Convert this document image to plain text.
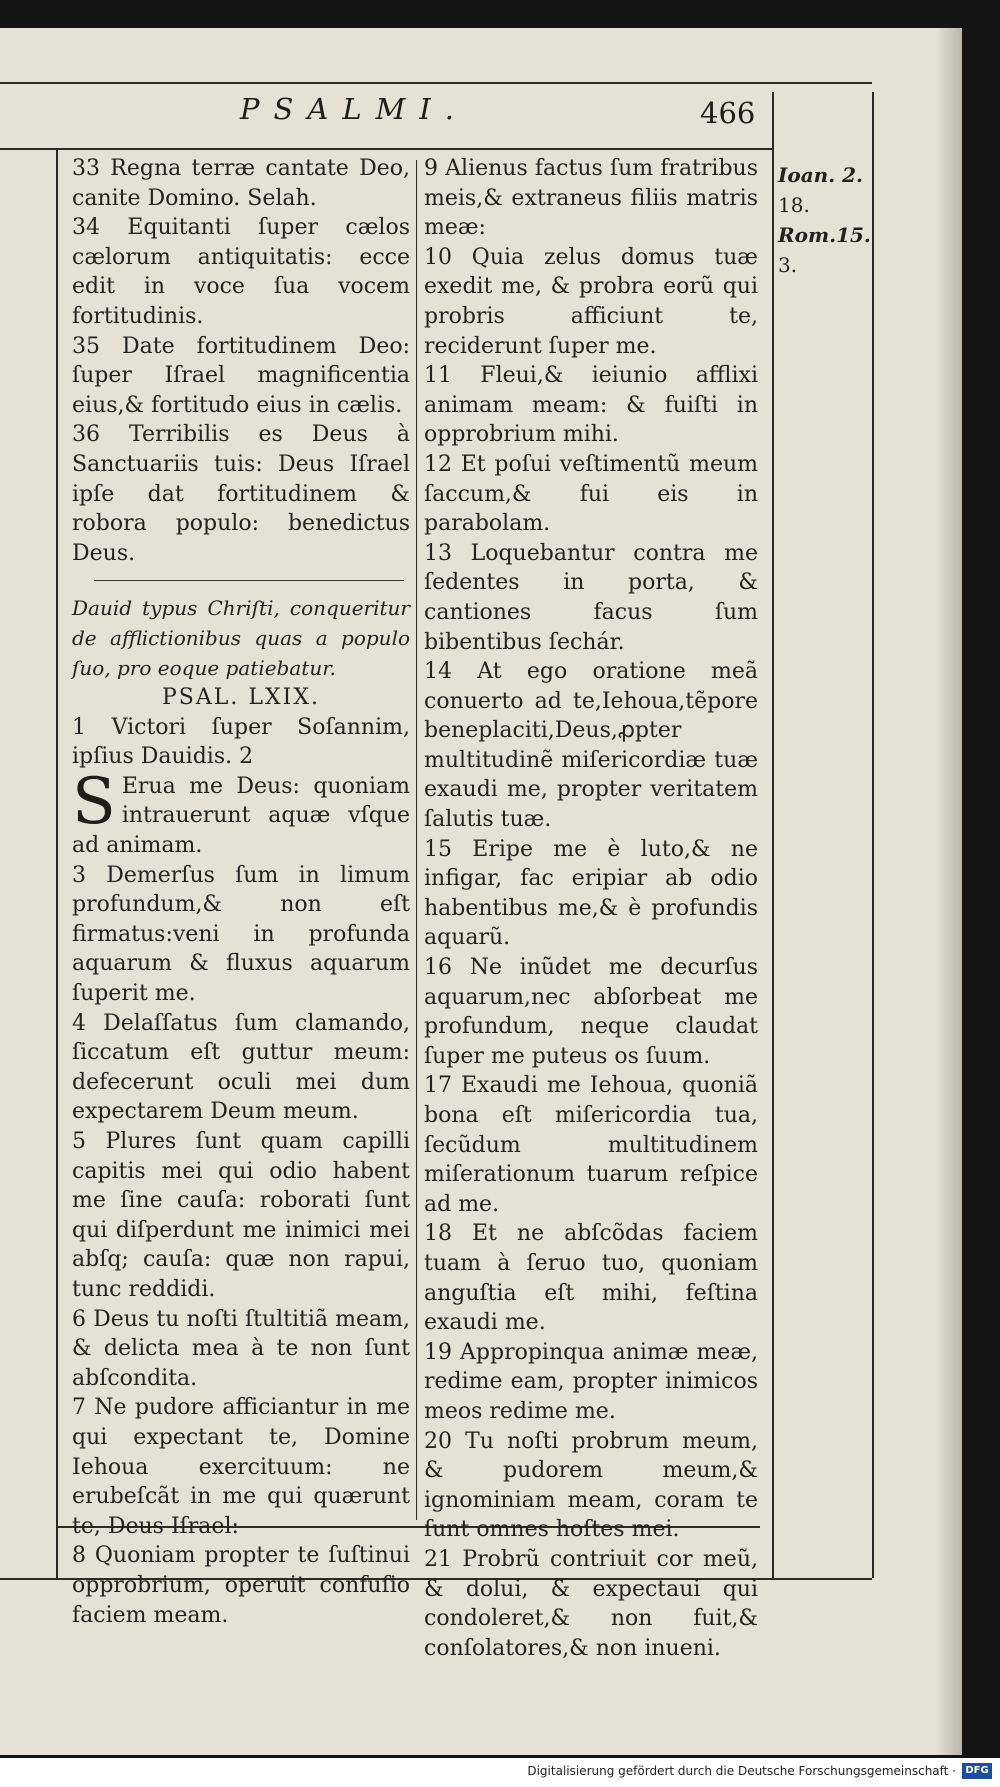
PSALMI.	466

33 Regna terræ cantate Deo, canite Domino. Selah.

34 Equitanti ſuper cælos cælorum antiquitatis: ecce edit in voce ſua vocem fortitudinis.

35 Date fortitudinem Deo: ſuper Iſrael magnificentia eius,& fortitudo eius in cælis.

36 Terribilis es Deus à Sanctuariis tuis: Deus Iſrael ipſe dat fortitudinem & robora populo: benedictus Deus.

Dauid typus Chriſti, conqueritur de afflictionibus quas a populo ſuo, pro eoque patiebatur.

PSAL. LXIX.

1 Victori ſuper Soſannim, ipſius Dauidis. 2

S Erua me Deus: quoniam intrauerunt aquæ vſque ad animam.

3 Demerſus ſum in limum profundum,& non eſt firmatus:veni in profunda aquarum & fluxus aquarum ſuperit me.

4 Delaſſatus ſum clamando, ſiccatum eſt guttur meum: defecerunt oculi mei dum expectarem Deum meum.

5 Plures ſunt quam capilli capitis mei qui odio habent me ſine cauſa: roborati ſunt qui diſperdunt me inimici mei abſq; cauſa: quæ non rapui, tunc reddidi.

6 Deus tu noſti ſtultitiã meam, & delicta mea à te non ſunt abſcondita.

7 Ne pudore afficiantur in me qui expectant te, Domine Iehoua exercituum: ne erubeſcãt in me qui quærunt te, Deus Iſrael:

8 Quoniam propter te ſuſtinui opprobrium, operuit confuſio faciem meam.

9 Alienus factus ſum fratribus meis,& extraneus filiis matris meæ:

10 Quia zelus domus tuæ exedit me, & probra eorũ qui probris afficiunt te, reciderunt ſuper me.

11 Fleui,& ieiunio afflixi animam meam: & fuiſti in opprobrium mihi.

12 Et poſui veſtimentũ meum ſaccum,& fui eis in parabolam.

13 Loquebantur contra me ſedentes in porta, & cantiones facus ſum bibentibus ſechár.

14 At ego oratione meã conuerto ad te,Iehoua,tẽpore beneplaciti,Deus,ꝓpter multitudinẽ miſericordiæ tuæ exaudi me, propter veritatem ſalutis tuæ.

15 Eripe me è luto,& ne infigar, fac eripiar ab odio habentibus me,& è profundis aquarũ.

16 Ne inũdet me decurſus aquarum,nec abſorbeat me profundum, neque claudat ſuper me puteus os ſuum.

17 Exaudi me Iehoua, quoniã bona eſt miſericordia tua, ſecũdum multitudinem miſerationum tuarum reſpice ad me.

18 Et ne abſcõdas faciem tuam à ſeruo tuo, quoniam anguſtia eſt mihi, feſtina exaudi me.

19 Appropinqua animæ meæ, redime eam, propter inimicos meos redime me.

20 Tu noſti probrum meum, & pudorem meum,& ignominiam meam, coram te ſunt omnes hoſtes mei.

21 Probrũ contriuit cor meũ, & dolui, & expectaui qui condoleret,& non fuit,& conſolatores,& non inueni.

Ioan. 2.

18.

Rom.15.

3.

Digitalisierung gefördert durch die Deutsche Forschungsgemeinschaft · DFG
